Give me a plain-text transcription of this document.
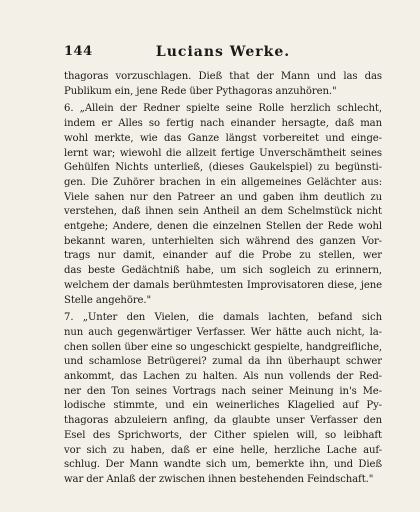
144	Lucians Werke.
thagoras vorzuschlagen. Dieß that der Mann und las das
Publikum ein, jene Rede über Pythagoras anzuhören."
6. „Allein der Redner spielte seine Rolle herzlich schlecht,
indem er Alles so fertig nach einander hersagte, daß man
wohl merkte, wie das Ganze längst vorbereitet und einge-
lernt war; wiewohl die allzeit fertige Unverschämtheit seines
Gehülfen Nichts unterließ, (dieses Gaukelspiel) zu begünsti-
gen. Die Zuhörer brachen in ein allgemeines Gelächter aus:
Viele sahen nur den Patreer an und gaben ihm deutlich zu
verstehen, daß ihnen sein Antheil an dem Schelmstück nicht
entgehe; Andere, denen die einzelnen Stellen der Rede wohl
bekannt waren, unterhielten sich während des ganzen Vor-
trags nur damit, einander auf die Probe zu stellen, wer
das beste Gedächtniß habe, um sich sogleich zu erinnern,
welchem der damals berühmtesten Improvisatoren diese, jene
Stelle angehöre."
7. „Unter den Vielen, die damals lachten, befand sich
nun auch gegenwärtiger Verfasser. Wer hätte auch nicht, la-
chen sollen über eine so ungeschickt gespielte, handgreifliche,
und schamlose Betrügerei? zumal da ihn überhaupt schwer
ankommt, das Lachen zu halten. Als nun vollends der Red-
ner den Ton seines Vortrags nach seiner Meinung in's Me-
lodische stimmte, und ein weinerliches Klagelied auf Py-
thagoras abzuleiern anfing, da glaubte unser Verfasser den
Esel des Sprichworts, der Cither spielen will, so leibhaft
vor sich zu haben, daß er eine helle, herzliche Lache auf-
schlug. Der Mann wandte sich um, bemerkte ihn, und Dieß
war der Anlaß der zwischen ihnen bestehenden Feindschaft."
